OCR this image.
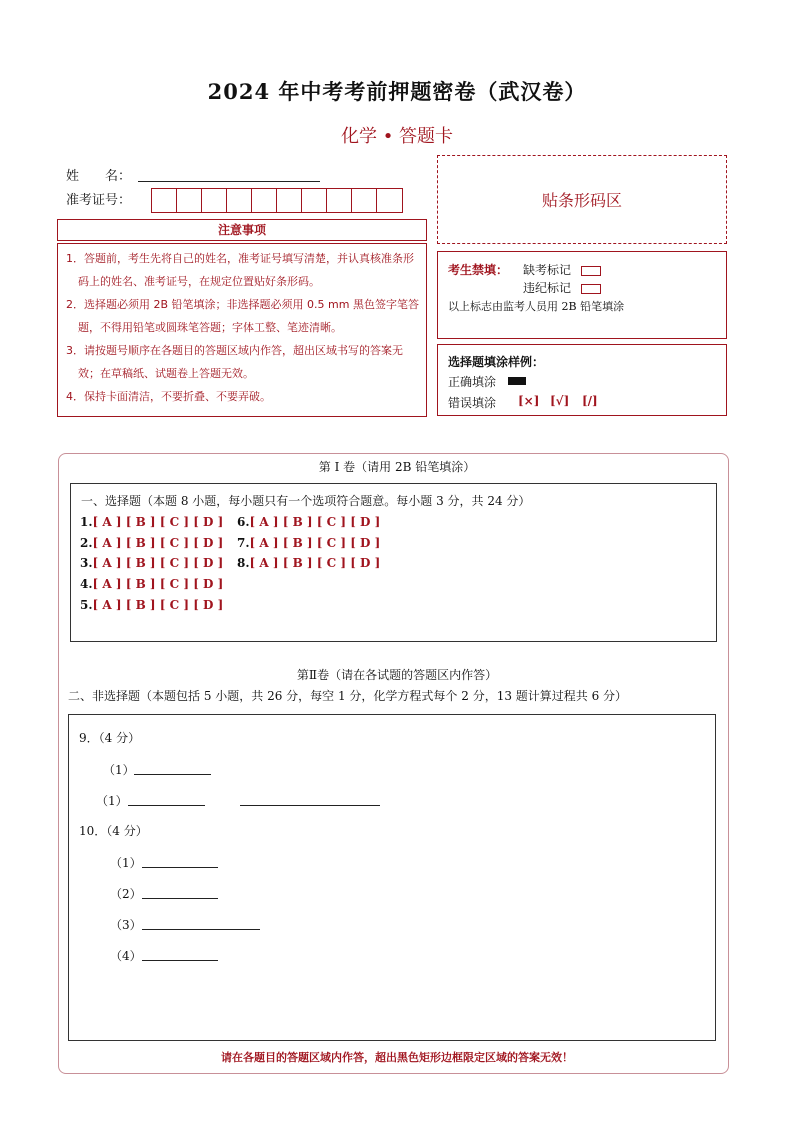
2024 年中考考前押题密卷（武汉卷）
化学 • 答题卡
姓　　名：
准考证号：	贴条形码区
注意事项

1．答题前，考生先将自己的姓名，准考证号填写清楚，并认真核准条形码上的姓名、准考证号，在规定位置贴好条形码。

2．选择题必须用 2B 铅笔填涂；非选择题必须用 0.5 mm 黑色签字笔答题，不得用铅笔或圆珠笔答题；字体工整、笔迹清晰。

3．请按题号顺序在各题目的答题区域内作答，超出区域书写的答案无效；在草稿纸、试题卷上答题无效。

4．保持卡面清洁，不要折叠、不要弄破。

考生禁填： 缺考标记
违纪标记
以上标志由监考人员用 2B 铅笔填涂
选择题填涂样例：
正确填涂
错误填涂 [×] [√] [/]
第 I 卷（请用 2B 铅笔填涂）
一、选择题（本题 8 小题，每小题只有一个选项符合题意。每小题 3 分，共 24 分）
1.[ A ] [ B ] [ C ] [ D ]
2.[ A ] [ B ] [ C ] [ D ]
3.[ A ] [ B ] [ C ] [ D ]
4.[ A ] [ B ] [ C ] [ D ]
5.[ A ] [ B ] [ C ] [ D ]
6.[ A ] [ B ] [ C ] [ D ]
7.[ A ] [ B ] [ C ] [ D ]
8.[ A ] [ B ] [ C ] [ D ]
第Ⅱ卷（请在各试题的答题区内作答）
二、非选择题（本题包括 5 小题，共 26 分，每空 1 分，化学方程式每个 2 分，13 题计算过程共 6 分）
9．（4 分）
（1）
（1）
10．（4 分）
（1）
（2）
（3）
（4）
请在各题目的答题区域内作答，超出黑色矩形边框限定区域的答案无效！
